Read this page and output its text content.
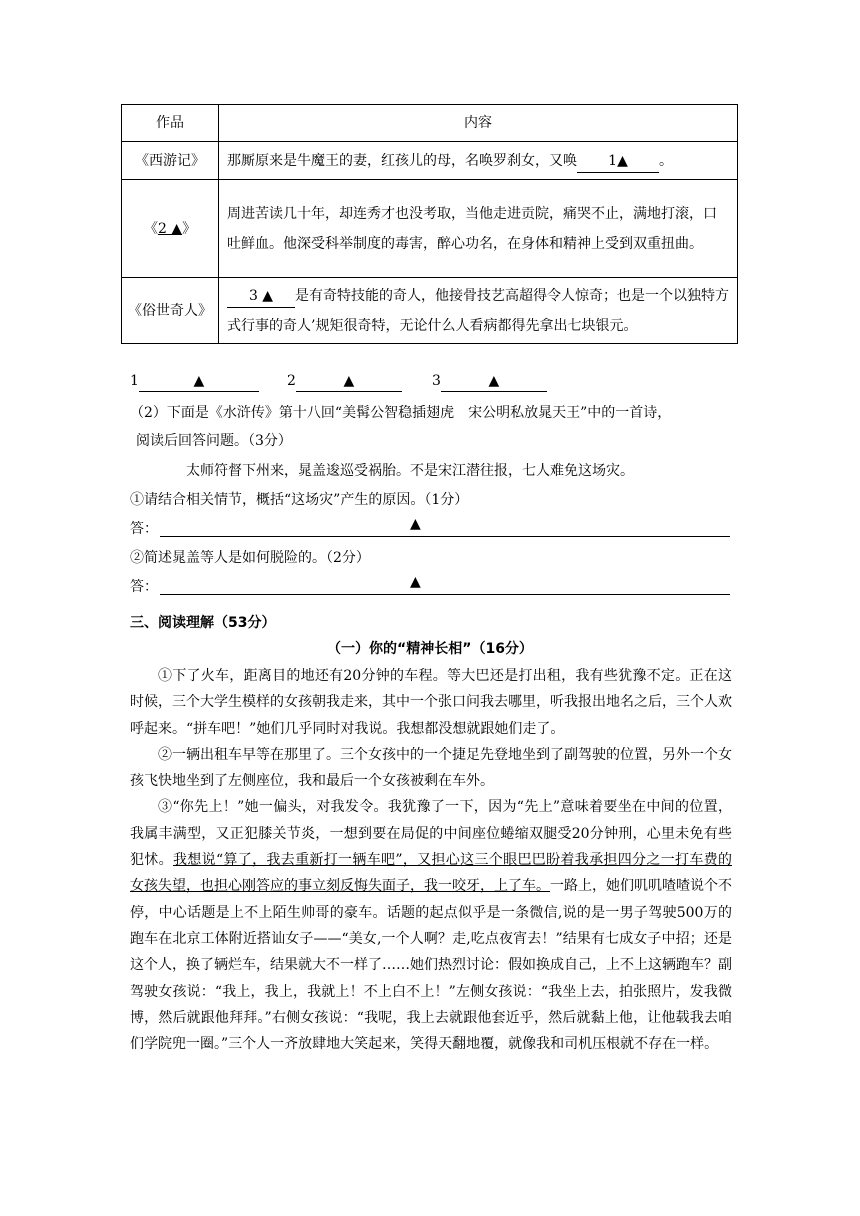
作品	内容
《西游记》	那厮原来是牛魔王的妻，红孩儿的母，名唤罗刹女，又唤 1▲ 。
《2 ▲》	周进苦读几十年，却连秀才也没考取，当他走进贡院，痛哭不止，满地打滚，口吐鲜血。他深受科举制度的毒害，醉心功名，在身体和精神上受到双重扭曲。
《俗世奇人》	3 ▲ 是有奇特技能的奇人，他接骨技艺高超得令人惊奇；也是一个以独特方式行事的奇人’规矩很奇特，无论什么人看病都得先拿出七块银元。
1	▲	2	▲	3	▲
（2）下面是《水浒传》第十八回“美髯公智稳插翅虎　宋公明私放晁天王”中的一首诗，
阅读后回答问题。（3分）
太师符督下州来，晁盖逡巡受祸胎。不是宋江潜往报，七人难免这场灾。
①请结合相关情节，概括“这场灾”产生的原因。（1分）
答：	▲
②简述晁盖等人是如何脱险的。（2分）
答：	▲
三、阅读理解（53分）
（一）你的“精神长相”（16分）

①下了火车，距离目的地还有20分钟的车程。等大巴还是打出租，我有些犹豫不定。正在这时候，三个大学生模样的女孩朝我走来，其中一个张口问我去哪里，听我报出地名之后，三个人欢呼起来。“拼车吧！”她们几乎同时对我说。我想都没想就跟她们走了。

②一辆出租车早等在那里了。三个女孩中的一个捷足先登地坐到了副驾驶的位置，另外一个女孩飞快地坐到了左侧座位，我和最后一个女孩被剩在车外。

③“你先上！”她一偏头，对我发令。我犹豫了一下，因为“先上”意味着要坐在中间的位置，我属丰满型，又正犯膝关节炎，一想到要在局促的中间座位蜷缩双腿受20分钟刑，心里未免有些犯怵。我想说“算了，我去重新打一辆车吧”，又担心这三个眼巴巴盼着我承担四分之一打车费的女孩失望，也担心刚答应的事立刻反悔失面子，我一咬牙，上了车。一路上，她们叽叽喳喳说个不停，中心话题是上不上陌生帅哥的豪车。话题的起点似乎是一条微信,说的是一男子驾驶500万的跑车在北京工体附近搭讪女子——“美女,一个人啊？走,吃点夜宵去！”结果有七成女子中招；还是这个人，换了辆烂车，结果就大不一样了……她们热烈讨论：假如换成自己，上不上这辆跑车？副驾驶女孩说：“我上，我上，我就上！不上白不上！”左侧女孩说：“我坐上去，拍张照片，发我微博，然后就跟他拜拜。”右侧女孩说：“我呢，我上去就跟他套近乎，然后就黏上他，让他载我去咱们学院兜一圈。”三个人一齐放肆地大笑起来，笑得天翻地覆，就像我和司机压根就不存在一样。
